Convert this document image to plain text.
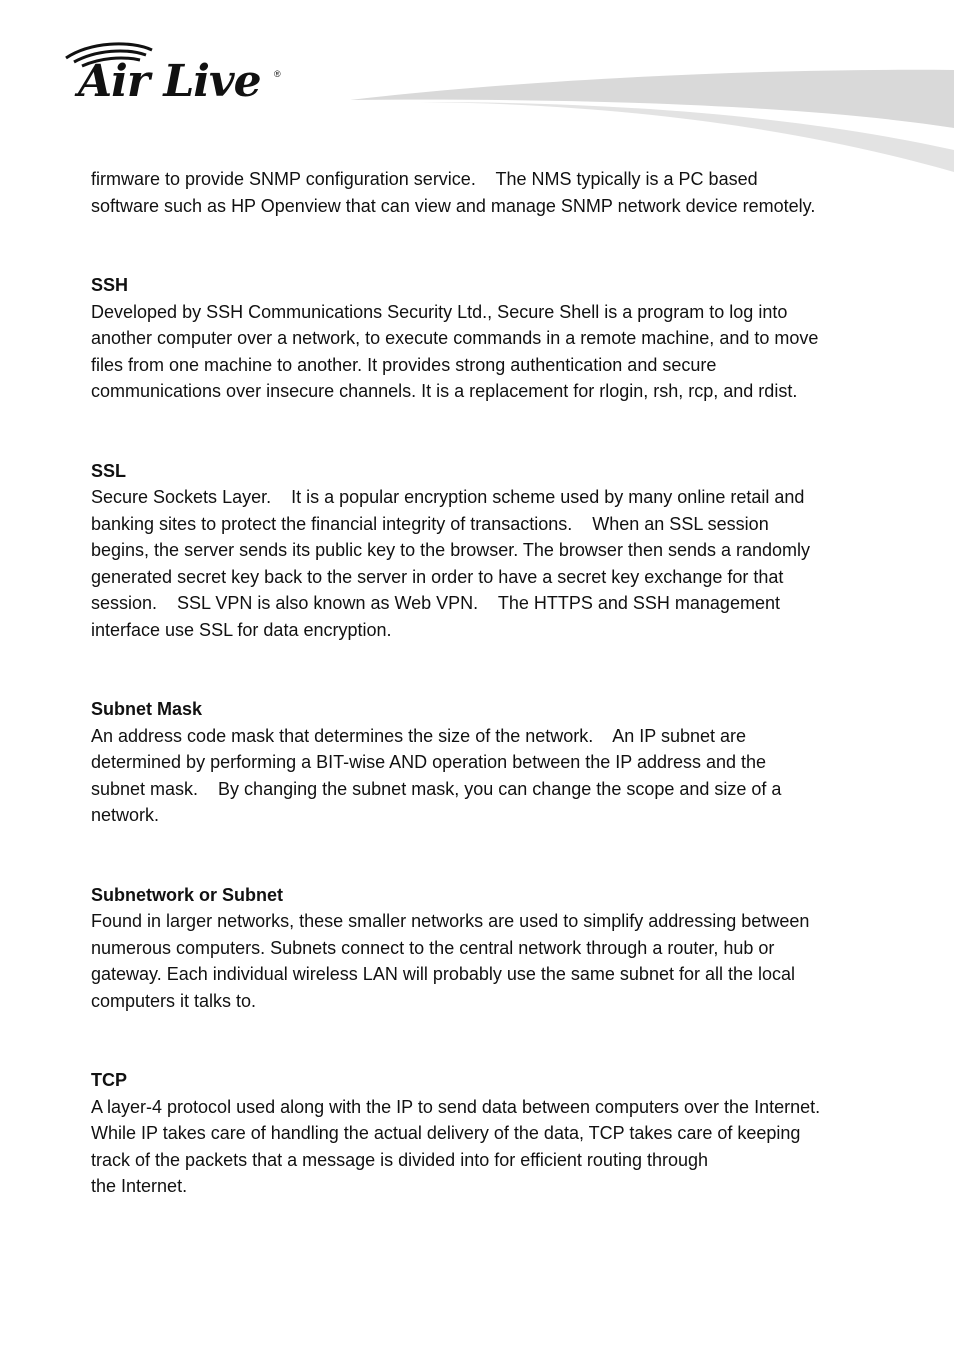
Air Live ®
firmware to provide SNMP configuration service.    The NMS typically is a PC based
software such as HP Openview that can view and manage SNMP network device remotely.
SSH
Developed by SSH Communications Security Ltd., Secure Shell is a program to log into
another computer over a network, to execute commands in a remote machine, and to move
files from one machine to another. It provides strong authentication and secure
communications over insecure channels. It is a replacement for rlogin, rsh, rcp, and rdist.
SSL
Secure Sockets Layer.    It is a popular encryption scheme used by many online retail and
banking sites to protect the financial integrity of transactions.    When an SSL session
begins, the server sends its public key to the browser. The browser then sends a randomly
generated secret key back to the server in order to have a secret key exchange for that
session.    SSL VPN is also known as Web VPN.    The HTTPS and SSH management
interface use SSL for data encryption.
Subnet Mask
An address code mask that determines the size of the network.    An IP subnet are
determined by performing a BIT-wise AND operation between the IP address and the
subnet mask.    By changing the subnet mask, you can change the scope and size of a
network.
Subnetwork or Subnet
Found in larger networks, these smaller networks are used to simplify addressing between
numerous computers. Subnets connect to the central network through a router, hub or
gateway. Each individual wireless LAN will probably use the same subnet for all the local
computers it talks to.
TCP
A layer-4 protocol used along with the IP to send data between computers over the Internet.
While IP takes care of handling the actual delivery of the data, TCP takes care of keeping
track of the packets that a message is divided into for efficient routing through
the Internet.
